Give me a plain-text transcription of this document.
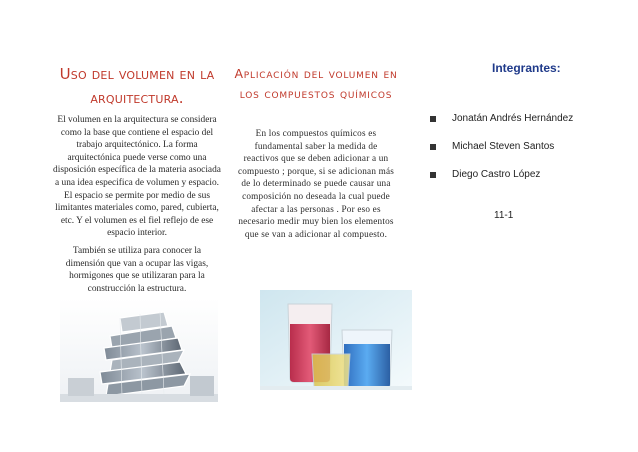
Uso del volumen en la arquitectura.
El volumen en la arquitectura se considera como la base que contiene el espacio del trabajo arquitectónico. La forma arquitectónica puede verse como una disposición específica de la materia asociada a una idea especifica de volumen y espacio. El espacio se permite por medio de sus limitantes materiales como, pared, cubierta, etc. Y el volumen es el fiel reflejo de ese espacio interior.
También se utiliza para conocer la dimensión que van a ocupar las vigas, hormigones que se utilizaran para la construcción la estructura.
Aplicación del volumen en los compuestos químicos
En los compuestos químicos es fundamental saber la medida de reactivos que se deben adicionar a un compuesto ; porque, si se adicionan más de lo determinado se puede causar una composición no deseada la cual puede afectar a las personas . Por eso es necesario medir muy bien los elementos que se van a adicionar al compuesto.
Integrantes:
Jonatán Andrés Hernández
Michael Steven Santos
Diego Castro López
11-1
